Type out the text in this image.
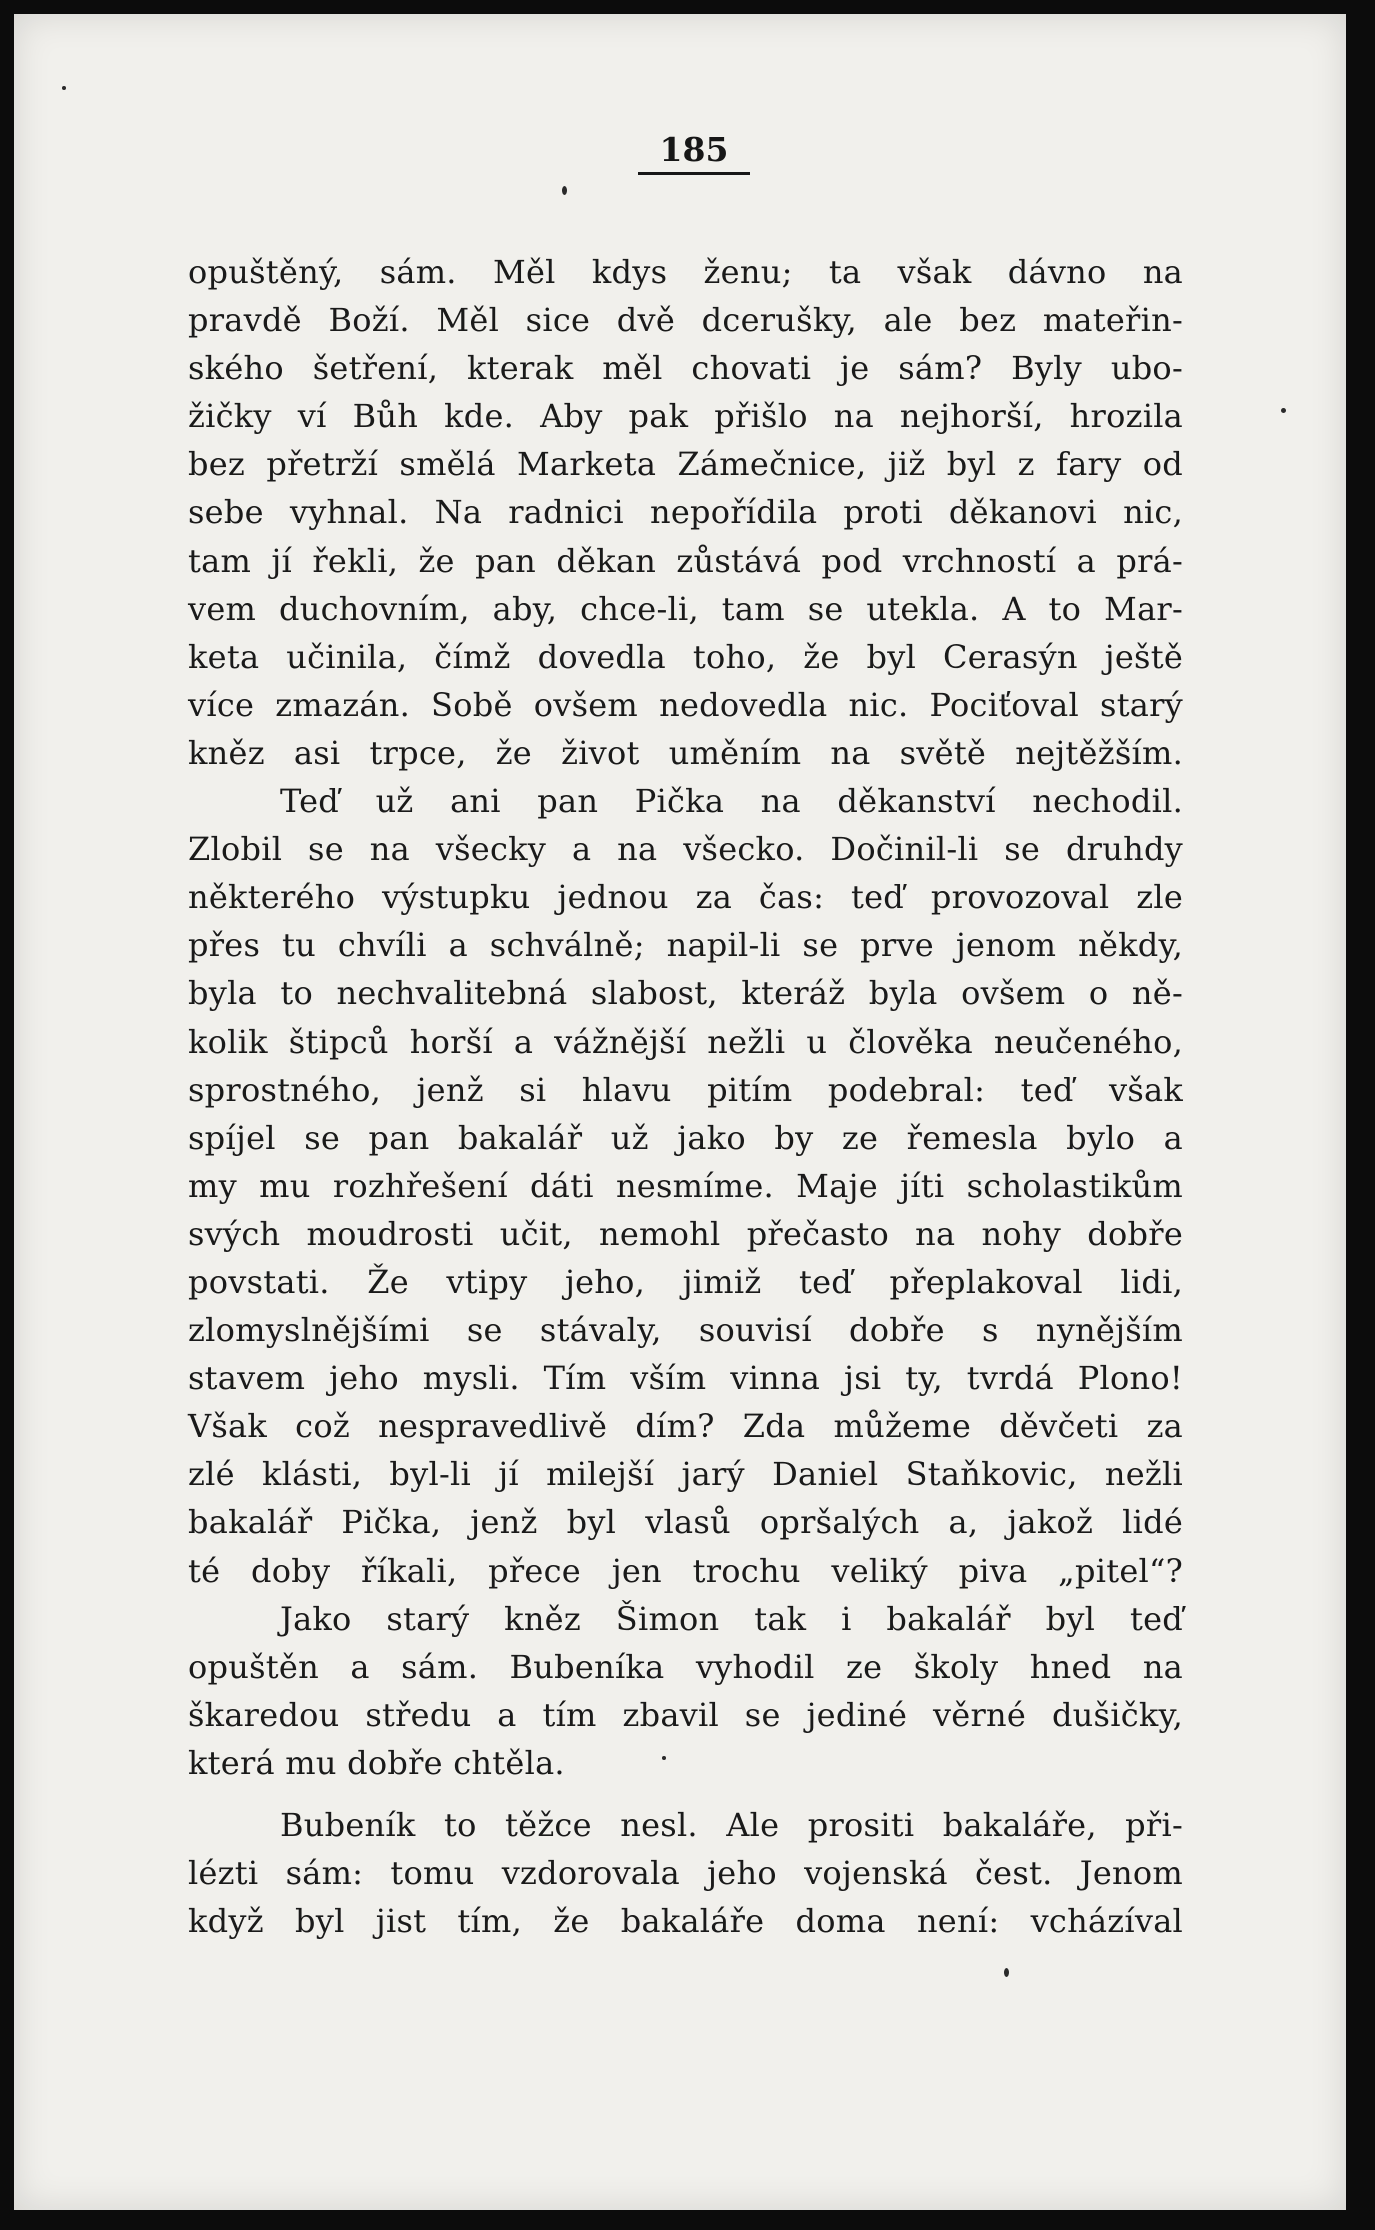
185
opuštěný, sám. Měl kdys ženu; ta však dávno na
pravdě Boží. Měl sice dvě dcerušky, ale bez mateřin-
ského šetření, kterak měl chovati je sám? Byly ubo-
žičky ví Bůh kde. Aby pak přišlo na nejhorší, hrozila
bez přetrží smělá Marketa Zámečnice, již byl z fary od
sebe vyhnal. Na radnici nepořídila proti děkanovi nic,
tam jí řekli, že pan děkan zůstává pod vrchností a prá-
vem duchovním, aby, chce-li, tam se utekla. A to Mar-
keta učinila, čímž dovedla toho, že byl Cerasýn ještě
více zmazán. Sobě ovšem nedovedla nic. Pociťoval starý
kněz asi trpce, že život uměním na světě nejtěžším.
Teď už ani pan Pička na děkanství nechodil.
Zlobil se na všecky a na všecko. Dočinil-li se druhdy
některého výstupku jednou za čas: teď provozoval zle
přes tu chvíli a schválně; napil-li se prve jenom někdy,
byla to nechvalitebná slabost, kteráž byla ovšem o ně-
kolik štipců horší a vážnější nežli u člověka neučeného,
sprostného, jenž si hlavu pitím podebral: teď však
spíjel se pan bakalář už jako by ze řemesla bylo a
my mu rozhřešení dáti nesmíme. Maje jíti scholastikům
svých moudrosti učit, nemohl přečasto na nohy dobře
povstati. Že vtipy jeho, jimiž teď přeplakoval lidi,
zlomyslnějšími se stávaly, souvisí dobře s nynějším
stavem jeho mysli. Tím vším vinna jsi ty, tvrdá Plono!
Však což nespravedlivě dím? Zda můžeme děvčeti za
zlé klásti, byl-li jí milejší jarý Daniel Staňkovic, nežli
bakalář Pička, jenž byl vlasů opršalých a, jakož lidé
té doby říkali, přece jen trochu veliký piva „pitel“?
Jako starý kněz Šimon tak i bakalář byl teď
opuštěn a sám. Bubeníka vyhodil ze školy hned na
škaredou středu a tím zbavil se jediné věrné dušičky,
která mu dobře chtěla.
Bubeník to těžce nesl. Ale prositi bakaláře, při-
lézti sám: tomu vzdorovala jeho vojenská čest. Jenom
když byl jist tím, že bakaláře doma není: vcházíval
